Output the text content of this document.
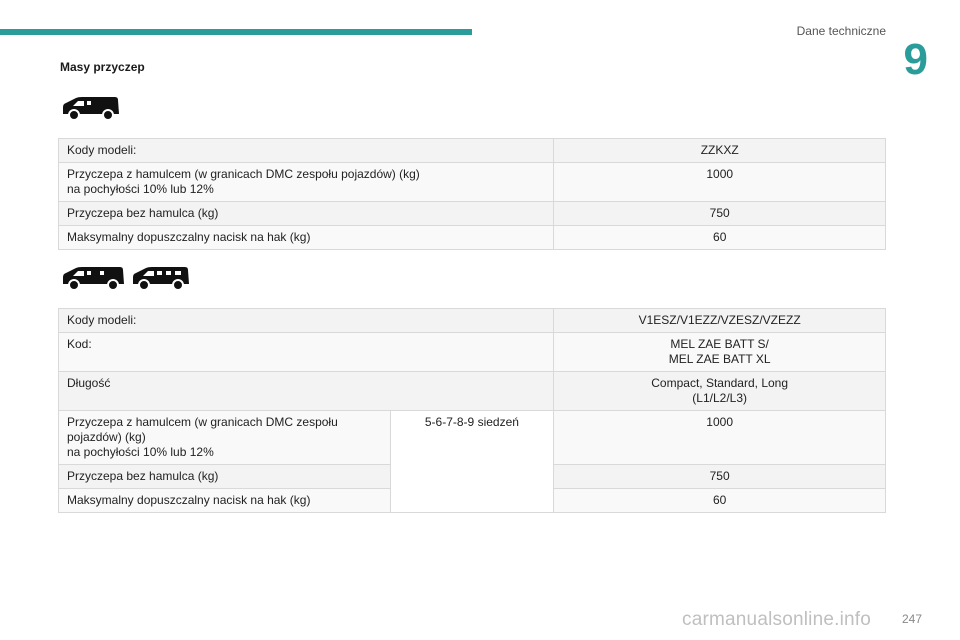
Dane techniczne
9
Masy przyczep
Kody modeli:	ZZKXZ
Przyczepa z hamulcem (w granicach DMC zespołu pojazdów) (kg)
na pochyłości 10% lub 12%	1000
Przyczepa bez hamulca (kg)	750
Maksymalny dopuszczalny nacisk na hak (kg)	60
Kody modeli:		V1ESZ/V1EZZ/VZESZ/VZEZZ
Kod:		MEL ZAE BATT S/
MEL ZAE BATT XL
Długość		Compact, Standard, Long
(L1/L2/L3)
Przyczepa z hamulcem (w granicach DMC zespołu
pojazdów) (kg)
na pochyłości 10% lub 12%	5-6-7-8-9 siedzeń	1000
Przyczepa bez hamulca (kg)		750
Maksymalny dopuszczalny nacisk na hak (kg)		60
carmanualsonline.info	247
